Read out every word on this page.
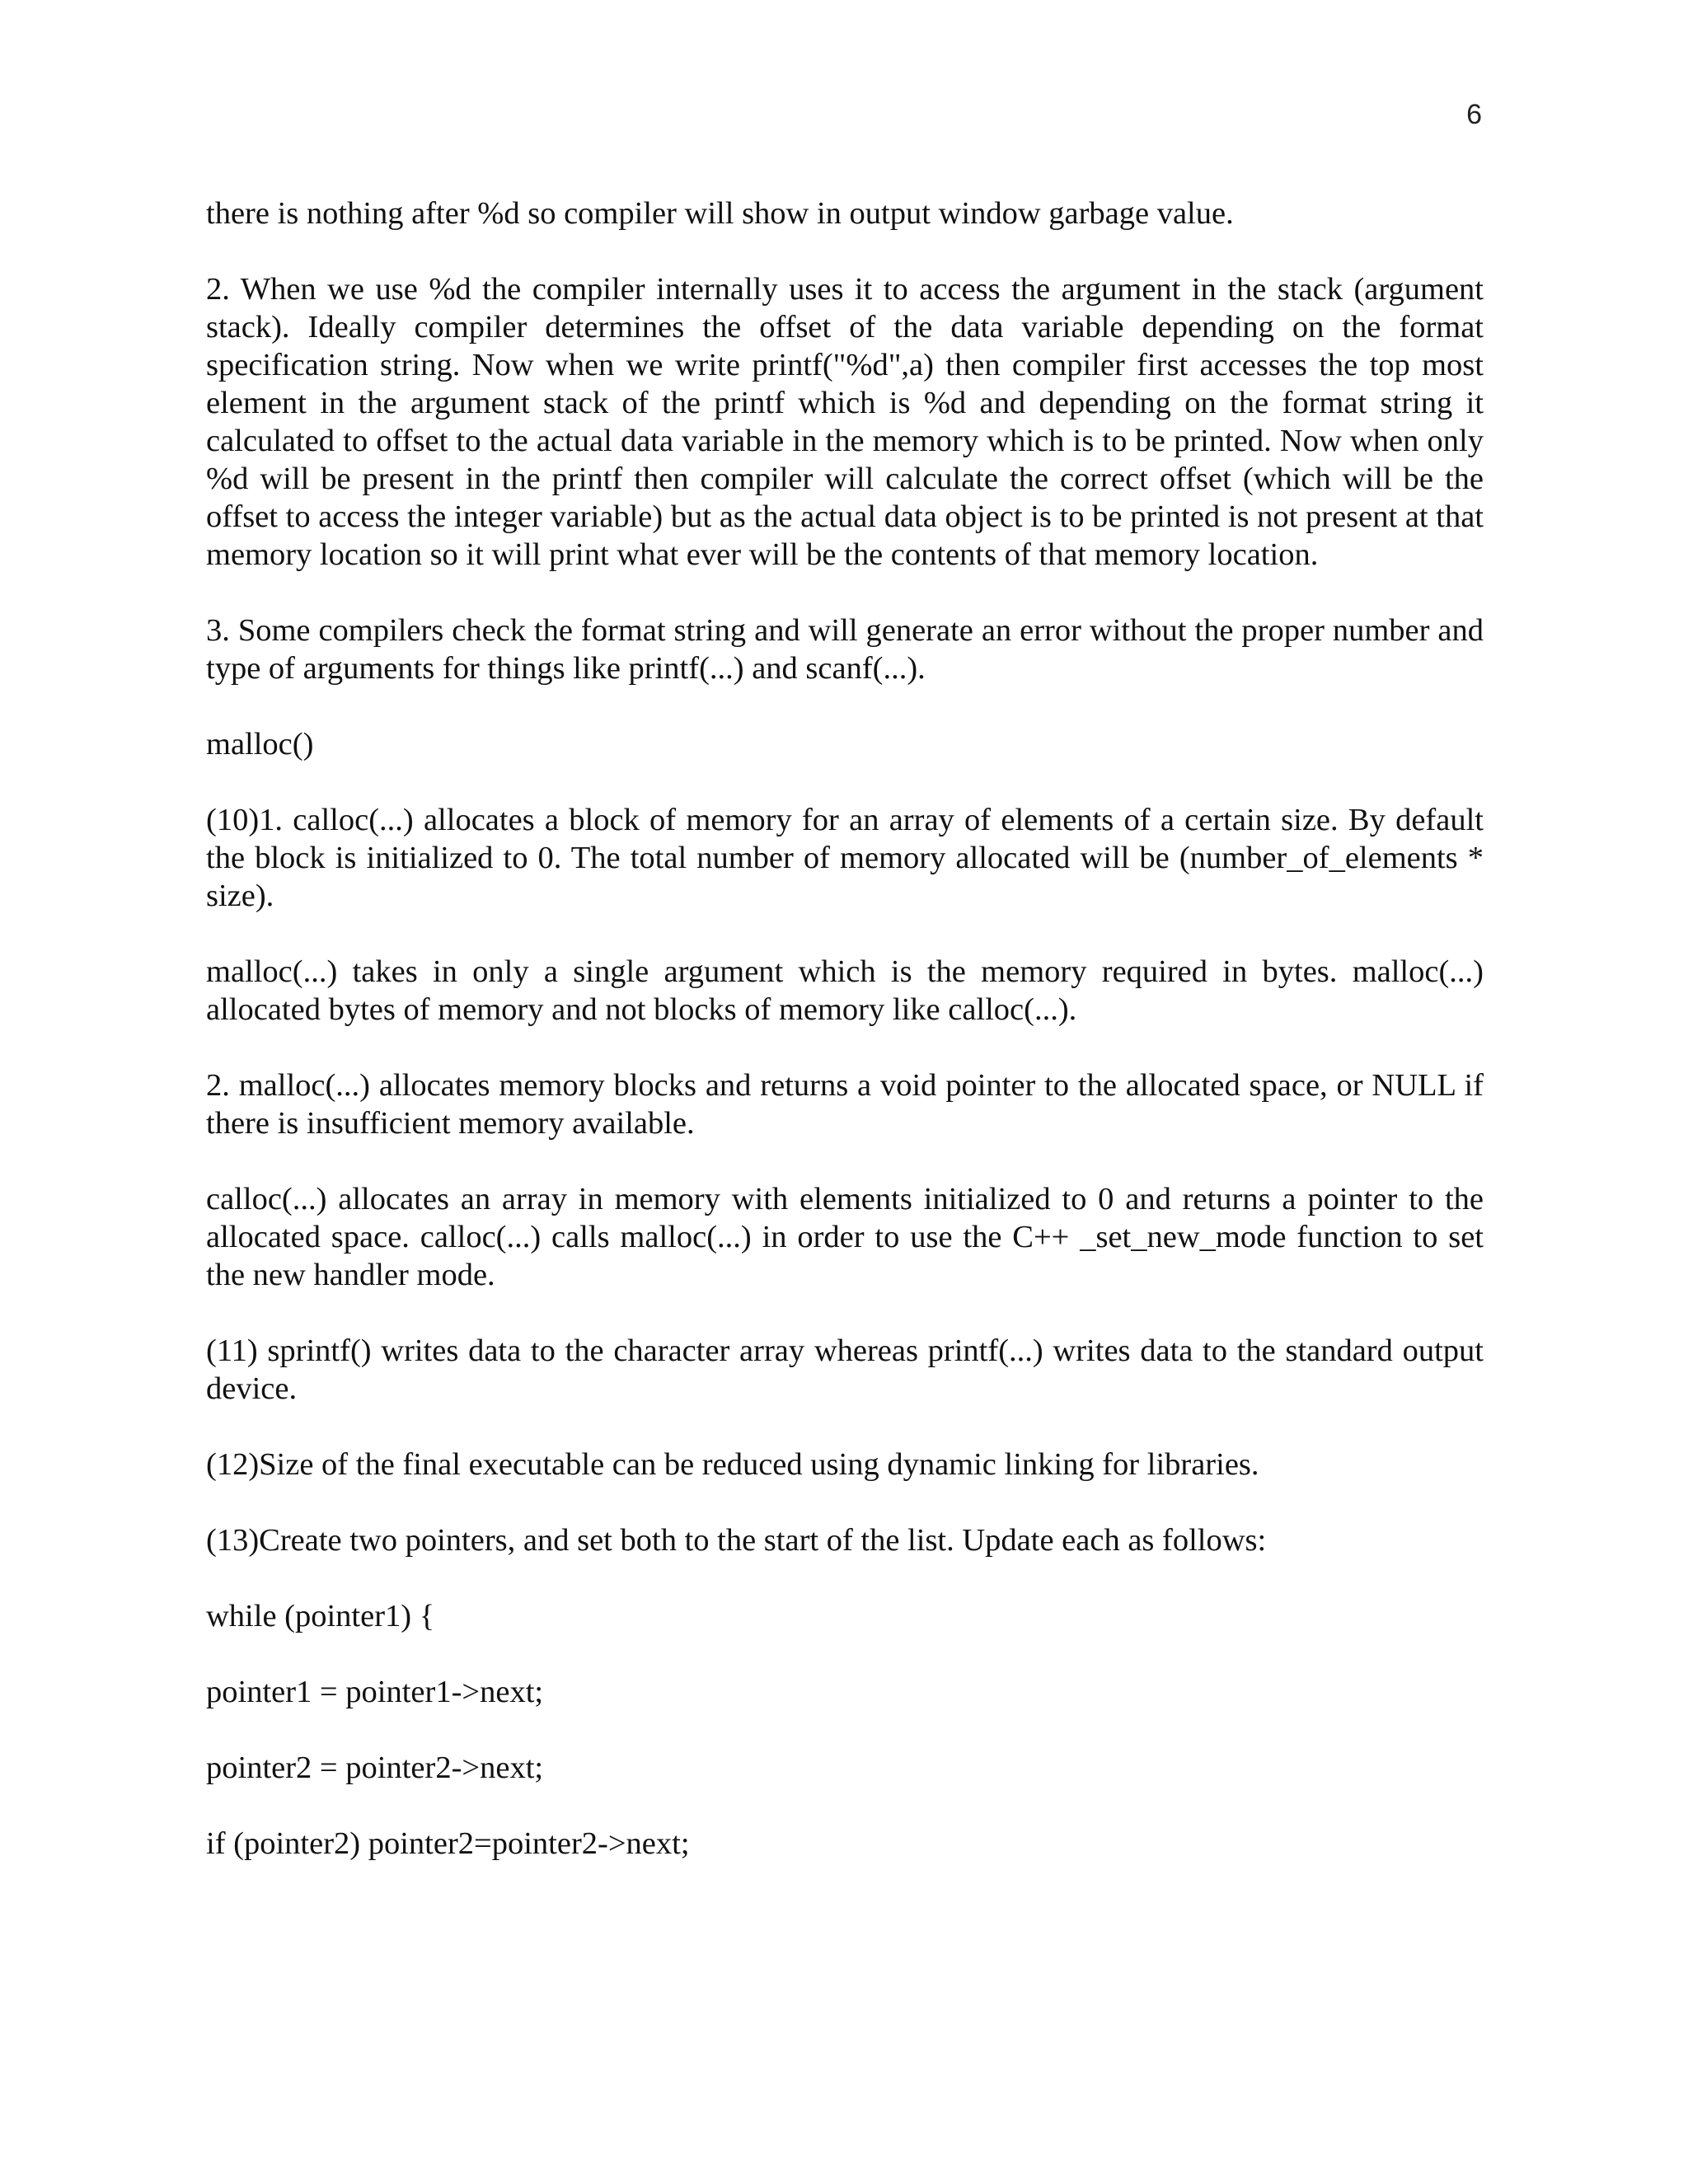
6

there is nothing after %d so compiler will show in output window garbage value.

2. When we use %d the compiler internally uses it to access the argument in the stack (argument stack). Ideally compiler determines the offset of the data variable depending on the format specification string. Now when we write printf("%d",a) then compiler first accesses the top most element in the argument stack of the printf which is %d and depending on the format string it calculated to offset to the actual data variable in the memory which is to be printed. Now when only %d will be present in the printf then compiler will calculate the correct offset (which will be the offset to access the integer variable) but as the actual data object is to be printed is not present at that memory location so it will print what ever will be the contents of that memory location.

3. Some compilers check the format string and will generate an error without the proper number and type of arguments for things like printf(...) and scanf(...).

malloc()

(10)1. calloc(...) allocates a block of memory for an array of elements of a certain size. By default the block is initialized to 0. The total number of memory allocated will be (number_of_elements * size).

malloc(...) takes in only a single argument which is the memory required in bytes. malloc(...) allocated bytes of memory and not blocks of memory like calloc(...).

2. malloc(...) allocates memory blocks and returns a void pointer to the allocated space, or NULL if there is insufficient memory available.

calloc(...) allocates an array in memory with elements initialized to 0 and returns a pointer to the allocated space. calloc(...) calls malloc(...) in order to use the C++ _set_new_mode function to set the new handler mode.

(11) sprintf() writes data to the character array whereas printf(...) writes data to the standard output device.

(12)Size of the final executable can be reduced using dynamic linking for libraries.

(13)Create two pointers, and set both to the start of the list. Update each as follows:

while (pointer1) {

pointer1 = pointer1->next;

pointer2 = pointer2->next;

if (pointer2) pointer2=pointer2->next;
